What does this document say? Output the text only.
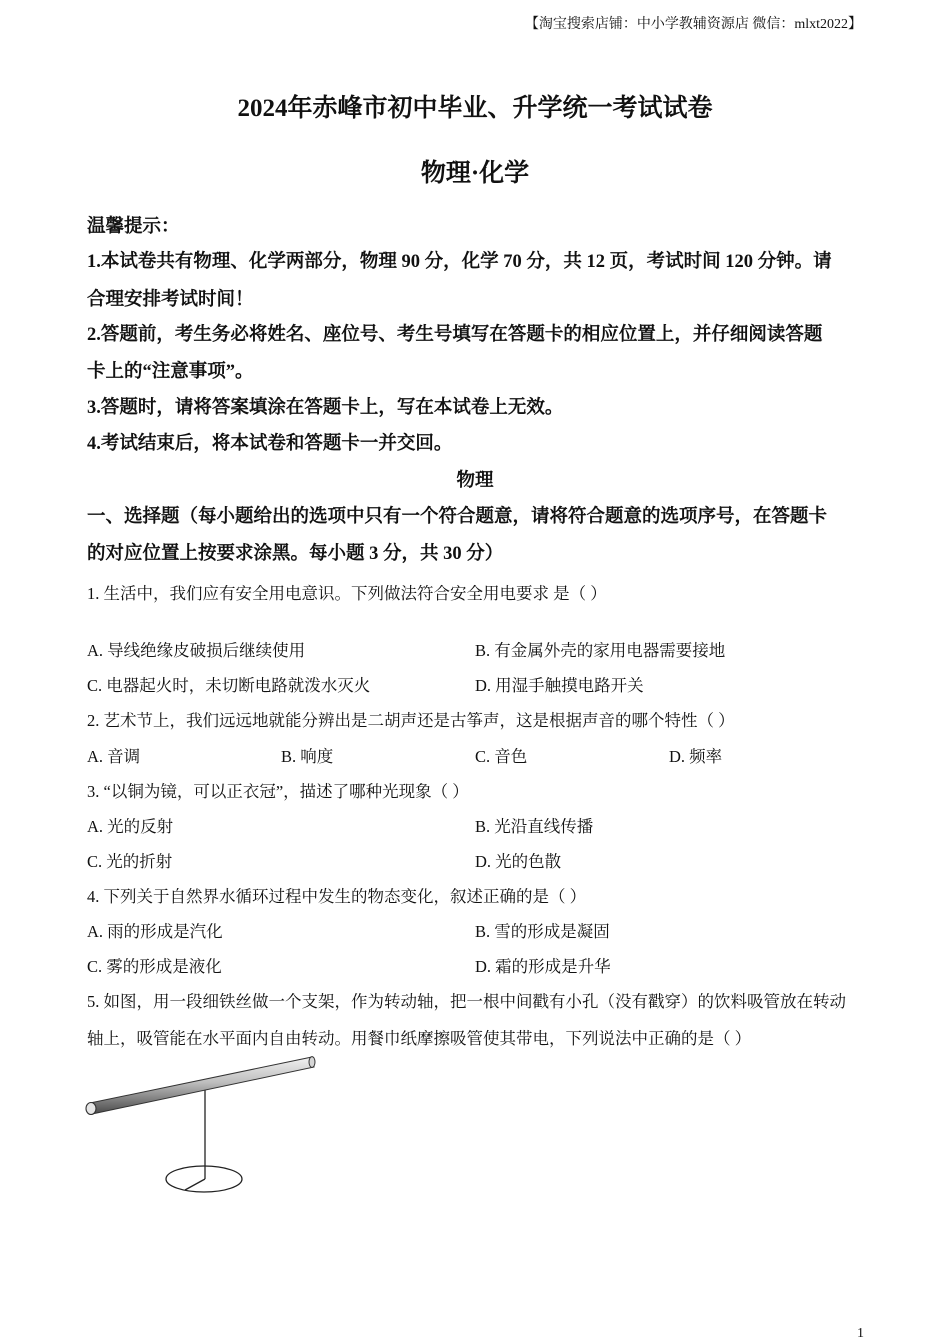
【淘宝搜索店铺：中小学教辅资源店 微信：mlxt2022】
2024年赤峰市初中毕业、升学统一考试试卷
物理·化学
温馨提示：
1.本试卷共有物理、化学两部分，物理 90 分，化学 70 分，共 12 页，考试时间 120 分钟。请
合理安排考试时间！
2.答题前，考生务必将姓名、座位号、考生号填写在答题卡的相应位置上，并仔细阅读答题
卡上的“注意事项”。
3.答题时，请将答案填涂在答题卡上，写在本试卷上无效。
4.考试结束后，将本试卷和答题卡一并交回。
物理
一、选择题（每小题给出的选项中只有一个符合题意，请将符合题意的选项序号，在答题卡
的对应位置上按要求涂黑。每小题 3 分，共 30 分）
1. 生活中，我们应有安全用电意识。下列做法符合安全用电要求 是（ ）
A. 导线绝缘皮破损后继续使用	B. 有金属外壳的家用电器需要接地
C. 电器起火时，未切断电路就泼水灭火	D. 用湿手触摸电路开关
2. 艺术节上，我们远远地就能分辨出是二胡声还是古筝声，这是根据声音的哪个特性（ ）
A. 音调	B. 响度	C. 音色	D. 频率
3. “以铜为镜，可以正衣冠”，描述了哪种光现象（ ）
A. 光的反射	B. 光沿直线传播
C. 光的折射	D. 光的色散
4. 下列关于自然界水循环过程中发生的物态变化，叙述正确的是（ ）
A. 雨的形成是汽化	B. 雪的形成是凝固
C. 雾的形成是液化	D. 霜的形成是升华
5. 如图，用一段细铁丝做一个支架，作为转动轴，把一根中间戳有小孔（没有戳穿）的饮料吸管放在转动
轴上，吸管能在水平面内自由转动。用餐巾纸摩擦吸管使其带电，下列说法中正确的是（ ）
1
